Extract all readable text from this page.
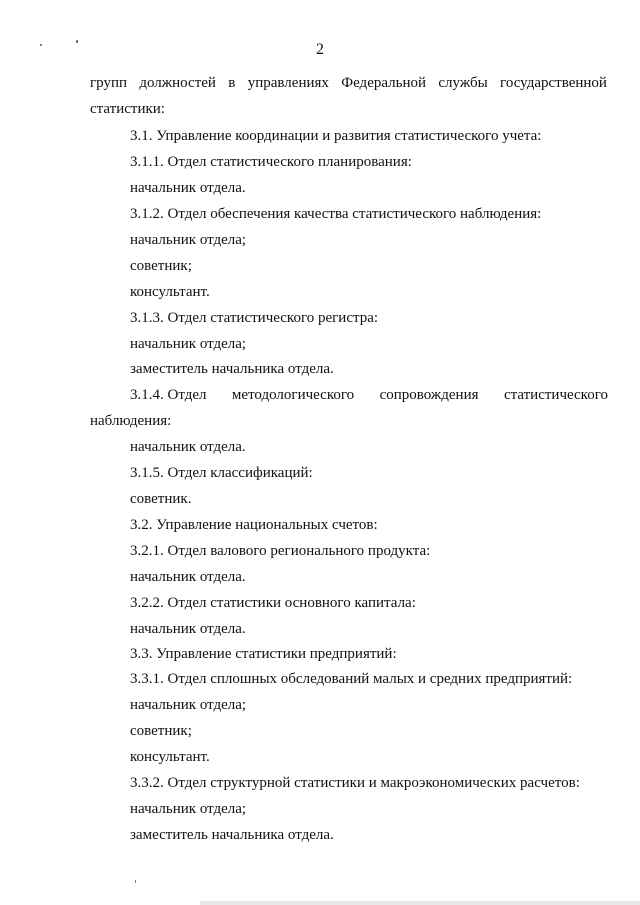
2
групп должностей в управлениях Федеральной службы государственной
статистики:
3.1. Управление координации и развития статистического учета:
3.1.1. Отдел статистического планирования:
начальник отдела.
3.1.2. Отдел обеспечения качества статистического наблюдения:
начальник отдела;
советник;
консультант.
3.1.3. Отдел статистического регистра:
начальник отдела;
заместитель начальника отдела.
3.1.4. Отдел методологического сопровождения статистического
наблюдения:
начальник отдела.
3.1.5. Отдел классификаций:
советник.
3.2. Управление национальных счетов:
3.2.1. Отдел валового регионального продукта:
начальник отдела.
3.2.2. Отдел статистики основного капитала:
начальник отдела.
3.3. Управление статистики предприятий:
3.3.1. Отдел сплошных обследований малых и средних предприятий:
начальник отдела;
советник;
консультант.
3.3.2. Отдел структурной статистики и макроэкономических расчетов:
начальник отдела;
заместитель начальника отдела.
